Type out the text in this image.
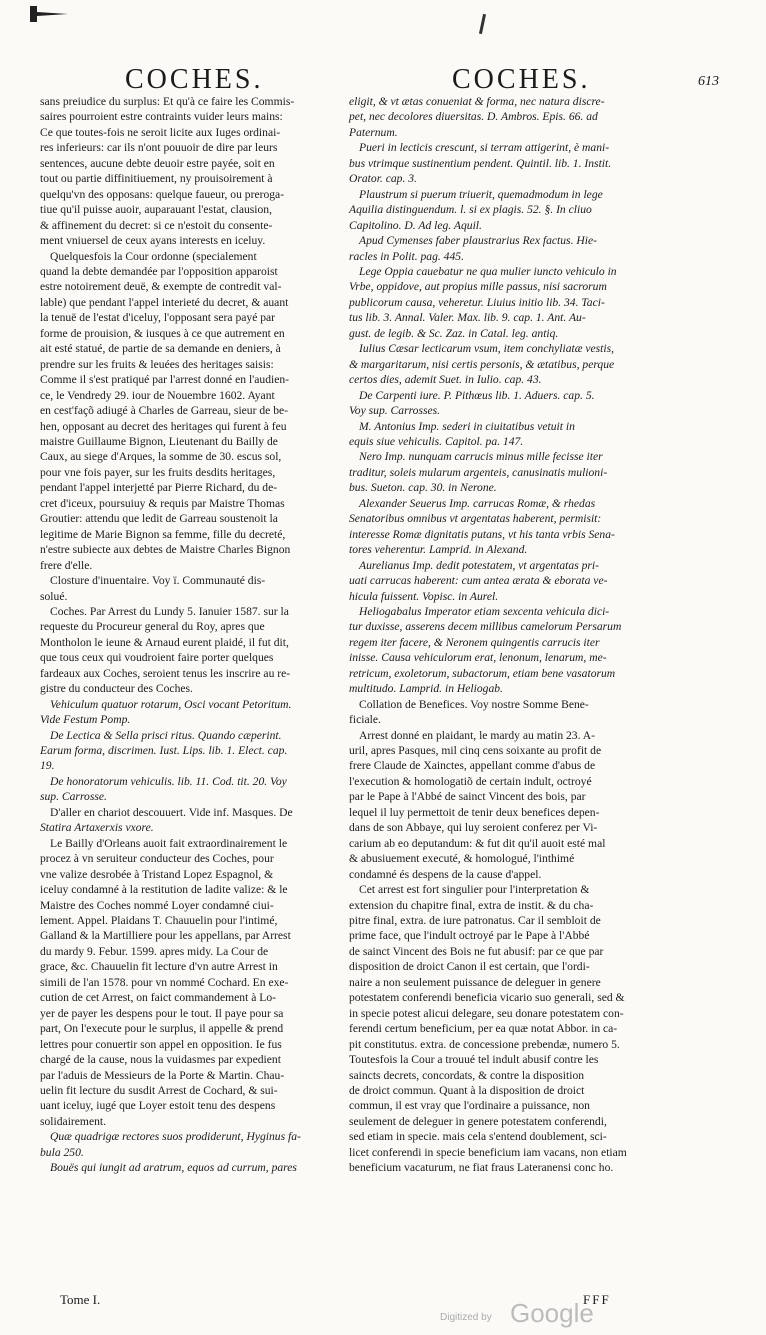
COCHES.	COCHES.	613

sans preiudice du surplus: Et qu'à ce faire les Commis-

saires pourroient estre contraints vuider leurs mains:

Ce que toutes-fois ne seroit licite aux Iuges ordinai-

res inferieurs: car ils n'ont pouuoir de dire par leurs

sentences, aucune debte deuoir estre payée, soit en

tout ou partie diffinitiuement, ny prouisoirement à

quelqu'vn des opposans: quelque faueur, ou preroga-

tiue qu'il puisse auoir, auparauant l'estat, clausion,

& affinement du decret: si ce n'estoit du consente-

ment vniuersel de ceux ayans interests en iceluy.

Quelquesfois la Cour ordonne (specialement

quand la debte demandée par l'opposition apparoist

estre notoirement deuë, & exempte de contredit val-

lable) que pendant l'appel interieté du decret, & auant

la tenuë de l'estat d'iceluy, l'opposant sera payé par

forme de prouision, & iusques à ce que autrement en

ait esté statué, de partie de sa demande en deniers, à

prendre sur les fruits & leuées des heritages saisis:

Comme il s'est pratiqué par l'arrest donné en l'audien-

ce, le Vendredy 29. iour de Nouembre 1602. Ayant

en cest'façõ adiugé à Charles de Garreau, sieur de be-

hen, opposant au decret des heritages qui furent à feu

maistre Guillaume Bignon, Lieutenant du Bailly de

Caux, au siege d'Arques, la somme de 30. escus sol,

pour vne fois payer, sur les fruits desdits heritages,

pendant l'appel interjetté par Pierre Richard, du de-

cret d'iceux, poursuiuy & requis par Maistre Thomas

Groutier: attendu que ledit de Garreau soustenoit la

legitime de Marie Bignon sa femme, fille du decreté,

n'estre subiecte aux debtes de Maistre Charles Bignon

frere d'elle.

Closture d'inuentaire. Voy ï. Communauté dis-

solué.

Coches. Par Arrest du Lundy 5. Ianuier 1587. sur la

requeste du Procureur general du Roy, apres que

Montholon le ieune & Arnaud eurent plaidé, il fut dit,

que tous ceux qui voudroient faire porter quelques

fardeaux aux Coches, seroient tenus les inscrire au re-

gistre du conducteur des Coches.

Vehiculum quatuor rotarum, Osci vocant Petoritum.

Vide Festum Pomp.

De Lectica & Sella prisci ritus. Quando cæperint.

Earum forma, discrimen. Iust. Lips. lib. 1. Elect. cap.

19.

De honoratorum vehiculis. lib. 11. Cod. tit. 20. Voy

sup. Carrosse.

D'aller en chariot descouuert. Vide inf. Masques. De

Statira Artaxerxis vxore.

Le Bailly d'Orleans auoit fait extraordinairement le

procez à vn seruiteur conducteur des Coches, pour

vne valize desrobée à Tristand Lopez Espagnol, &

iceluy condamné à la restitution de ladite valize: & le

Maistre des Coches nommé Loyer condamné ciui-

lement. Appel. Plaidans T. Chauuelin pour l'intimé,

Galland & la Martilliere pour les appellans, par Arrest

du mardy 9. Febur. 1599. apres midy. La Cour de

grace, &c. Chauuelin fit lecture d'vn autre Arrest in

simili de l'an 1578. pour vn nommé Cochard. En exe-

cution de cet Arrest, on faict commandement à Lo-

yer de payer les despens pour le tout. Il paye pour sa

part, On l'execute pour le surplus, il appelle & prend

lettres pour conuertir son appel en opposition. Ie fus

chargé de la cause, nous la vuidasmes par expedient

par l'aduis de Messieurs de la Porte & Martin. Chau-

uelin fit lecture du susdit Arrest de Cochard, & sui-

uant iceluy, iugé que Loyer estoit tenu des despens

solidairement.

Quæ quadrigæ rectores suos prodiderunt, Hyginus fa-

bula 250.

Bouës qui iungit ad aratrum, equos ad currum, pares

eligit, & vt ætas conueniat & forma, nec natura discre-

pet, nec decolores diuersitas. D. Ambros. Epis. 66. ad

Paternum.

Pueri in lecticis crescunt, si terram attigerint, è mani-

bus vtrimque sustinentium pendent. Quintil. lib. 1. Instit.

Orator. cap. 3.

Plaustrum si puerum triuerit, quemadmodum in lege

Aquilia distinguendum. l. si ex plagis. 52. §. In cliuo

Capitolino. D. Ad leg. Aquil.

Apud Cymenses faber plaustrarius Rex factus. Hie-

racles in Polit. pag. 445.

Lege Oppia cauebatur ne qua mulier iuncto vehiculo in

Vrbe, oppidove, aut propius mille passus, nisi sacrorum

publicorum causa, veheretur. Liuius initio lib. 34. Taci-

tus lib. 3. Annal. Valer. Max. lib. 9. cap. 1. Ant. Au-

gust. de legib. & Sc. Zaz. in Catal. leg. antiq.

Iulius Cæsar lecticarum vsum, item conchyliatæ vestis,

& margaritarum, nisi certis personis, & ætatibus, perque

certos dies, ademit Suet. in Iulio. cap. 43.

De Carpenti iure. P. Pithœus lib. 1. Aduers. cap. 5.

Voy sup. Carrosses.

M. Antonius Imp. sederi in ciuitatibus vetuit in

equis siue vehiculis. Capitol. pa. 147.

Nero Imp. nunquam carrucis minus mille fecisse iter

traditur, soleis mularum argenteis, canusinatis mulioni-

bus. Sueton. cap. 30. in Nerone.

Alexander Seuerus Imp. carrucas Romæ, & rhedas

Senatoribus omnibus vt argentatas haberent, permisit:

interesse Romæ dignitatis putans, vt his tanta vrbis Sena-

tores veherentur. Lamprid. in Alexand.

Aurelianus Imp. dedit potestatem, vt argentatas pri-

uati carrucas haberent: cum antea ærata & eborata ve-

hicula fuissent. Vopisc. in Aurel.

Heliogabalus Imperator etiam sexcenta vehicula dici-

tur duxisse, asserens decem millibus camelorum Persarum

regem iter facere, & Neronem quingentis carrucis iter

inisse. Causa vehiculorum erat, lenonum, lenarum, me-

retricum, exoletorum, subactorum, etiam bene vasatorum

multitudo. Lamprid. in Heliogab.

Collation de Benefices. Voy nostre Somme Bene-

ficiale.

Arrest donné en plaidant, le mardy au matin 23. A-

uril, apres Pasques, mil cinq cens soixante au profit de

frere Claude de Xainctes, appellant comme d'abus de

l'execution & homologatiõ de certain indult, octroyé

par le Pape à l'Abbé de sainct Vincent des bois, par

lequel il luy permettoit de tenir deux benefices depen-

dans de son Abbaye, qui luy seroient conferez per Vi-

carium ab eo deputandum: & fut dit qu'il auoit esté mal

& abusiuement executé, & homologué, l'inthimé

condamné és despens de la cause d'appel.

Cet arrest est fort singulier pour l'interpretation &

extension du chapitre final, extra de instit. & du cha-

pitre final, extra. de iure patronatus. Car il sembloit de

prime face, que l'indult octroyé par le Pape à l'Abbé

de sainct Vincent des Bois ne fut abusif: par ce que par

disposition de droict Canon il est certain, que l'ordi-

naire a non seulement puissance de deleguer in genere

potestatem conferendi beneficia vicario suo generali, sed &

in specie potest alicui delegare, seu donare potestatem con-

ferendi certum beneficium, per ea quæ notat Abbor. in ca-

pit constitutus. extra. de concessione prebendæ, numero 5.

Toutesfois la Cour a trouué tel indult abusif contre les

saincts decrets, concordats, & contre la disposition

de droict commun. Quant à la disposition de droict

commun, il est vray que l'ordinaire a puissance, non

seulement de deleguer in genere potestatem conferendi,

sed etiam in specie. mais cela s'entend doublement, sci-

licet conferendi in specie beneficium iam vacans, non etiam

beneficium vacaturum, ne fiat fraus Lateranensi conc ho.

Tome I.	FFF
Digitized by Google
